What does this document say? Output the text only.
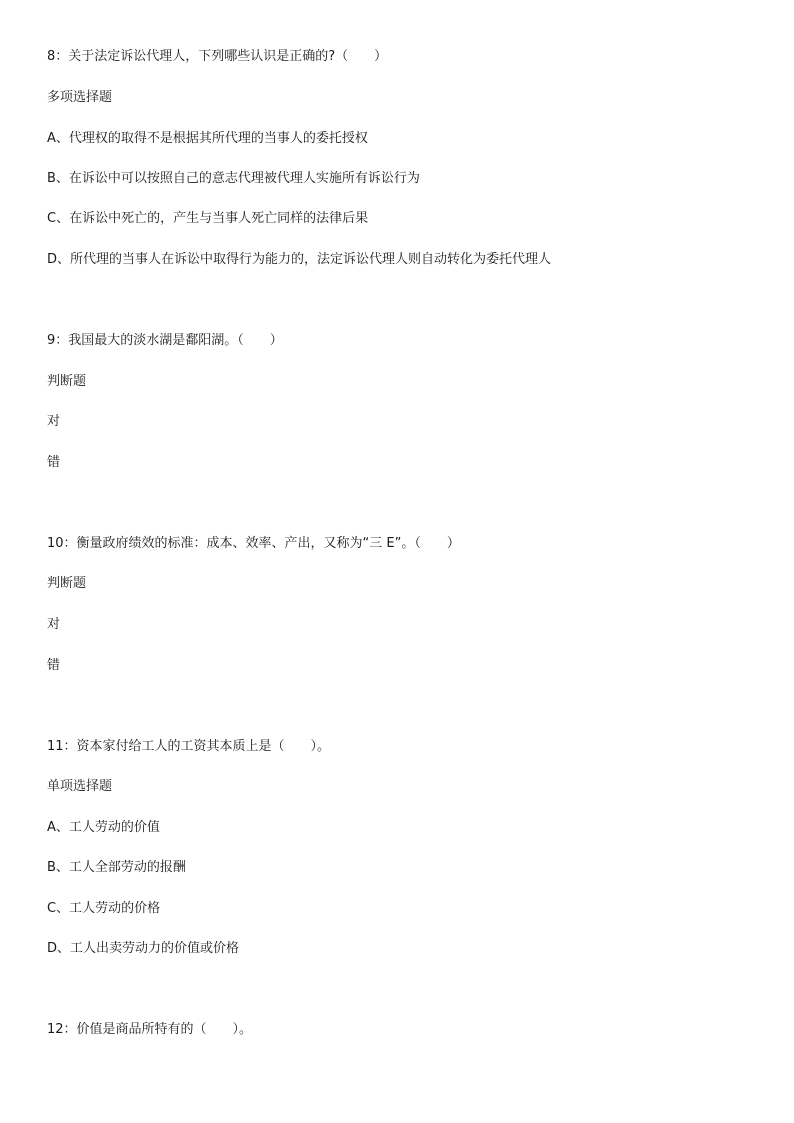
8：关于法定诉讼代理人，下列哪些认识是正确的?（　　）
多项选择题
A、代理权的取得不是根据其所代理的当事人的委托授权
B、在诉讼中可以按照自己的意志代理被代理人实施所有诉讼行为
C、在诉讼中死亡的，产生与当事人死亡同样的法律后果
D、所代理的当事人在诉讼中取得行为能力的，法定诉讼代理人则自动转化为委托代理人
9：我国最大的淡水湖是鄱阳湖。（　　）
判断题
对
错
10：衡量政府绩效的标准：成本、效率、产出，又称为“三 E”。（　　）
判断题
对
错
11：资本家付给工人的工资其本质上是（　　）。
单项选择题
A、工人劳动的价值
B、工人全部劳动的报酬
C、工人劳动的价格
D、工人出卖劳动力的价值或价格
12：价值是商品所特有的（　　）。
